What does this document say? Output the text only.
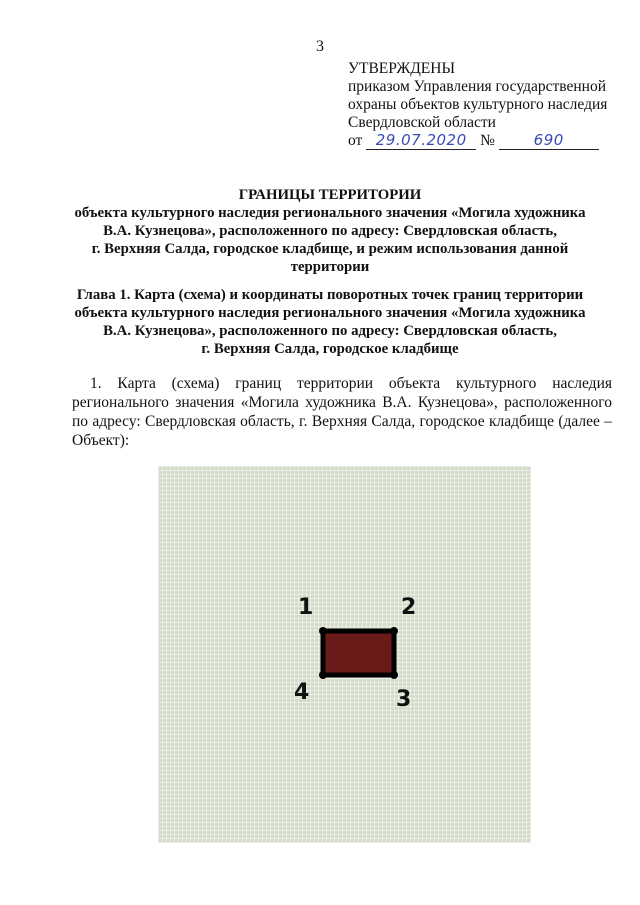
3
УТВЕРЖДЕНЫ
приказом Управления государственной
охраны объектов культурного наследия
Свердловской области
от 29.07.2020 №	690
ГРАНИЦЫ ТЕРРИТОРИИ
объекта культурного наследия регионального значения «Могила художника
В.А. Кузнецова», расположенного по адресу: Свердловская область,
г. Верхняя Салда, городское кладбище, и режим использования данной
территории
Глава 1. Карта (схема) и координаты поворотных точек границ территории
объекта культурного наследия регионального значения «Могила художника
В.А. Кузнецова», расположенного по адресу: Свердловская область,
г. Верхняя Салда, городское кладбище
1. Карта (схема) границ территории объекта культурного наследия регионального значения «Могила художника В.А. Кузнецова», расположенного по адресу: Свердловская область, г. Верхняя Салда, городское кладбище (далее – Объект):
1	2
3
4
